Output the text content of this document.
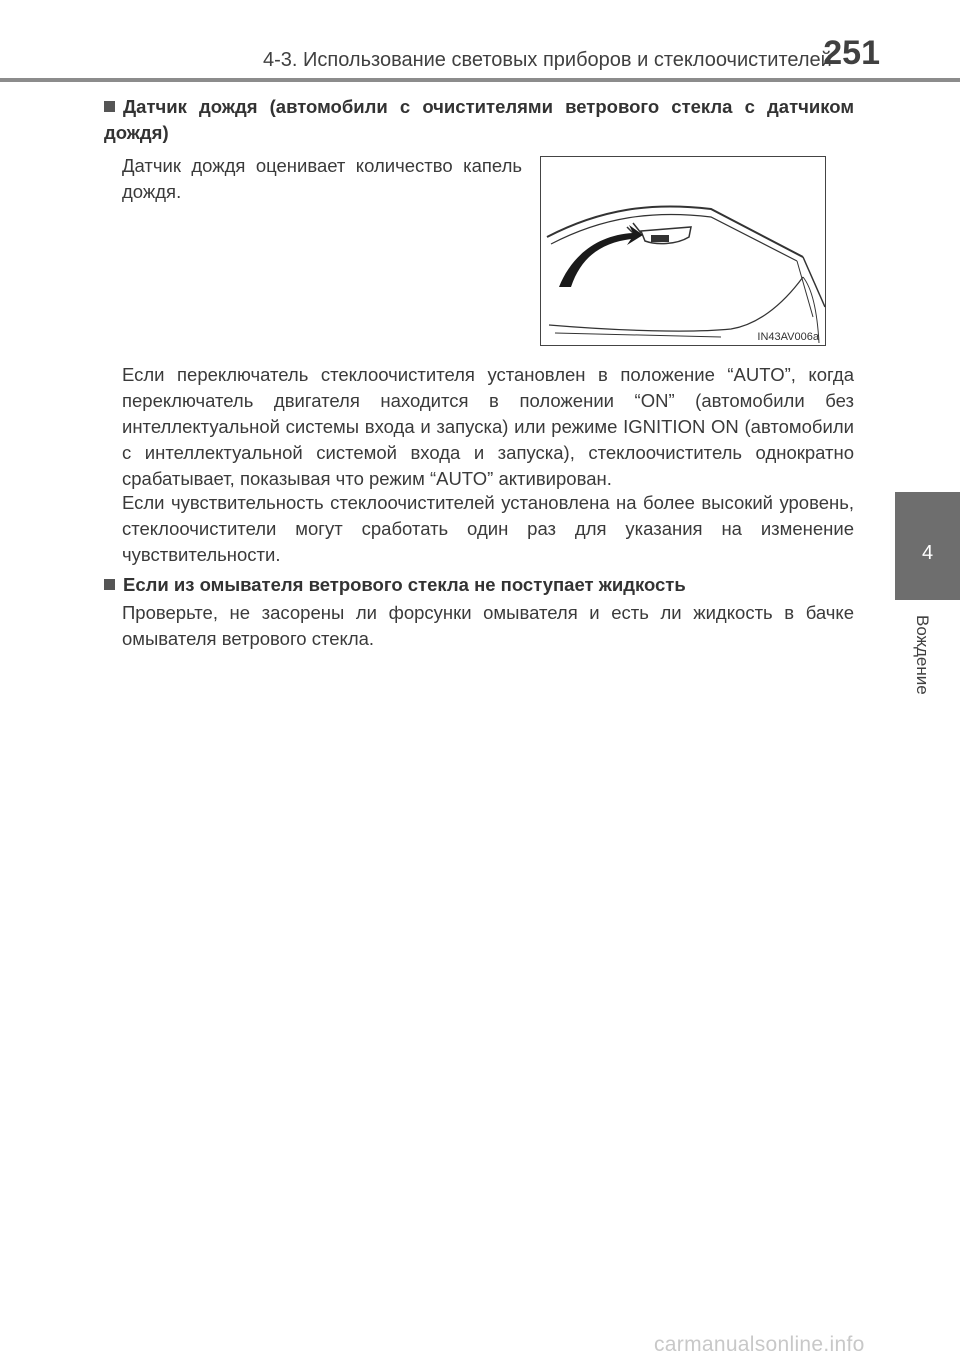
4-3. Использование световых приборов и стеклоочистителей
251
4
Вождение
Датчик дождя (автомобили с очистителями ветрового стекла с датчиком дождя)

Датчик дождя оценивает количество капель дождя.

IN43AV006a

Если переключатель стеклоочистителя установлен в положение “AUTO”, когда переключатель двигателя находится в положении “ON” (автомобили без интеллектуальной системы входа и запуска) или режиме IGNITION ON (автомобили с интеллектуальной системой входа и запуска), стеклоочиститель однократно срабатывает, показывая что режим “AUTO” активирован.

Если чувствительность стеклоочистителей установлена на более высокий уровень, стеклоочистители могут сработать один раз для указания на изменение чувствительности.

Если из омывателя ветрового стекла не поступает жидкость

Проверьте, не засорены ли форсунки омывателя и есть ли жидкость в бачке омывателя ветрового стекла.

carmanualsonline.info
